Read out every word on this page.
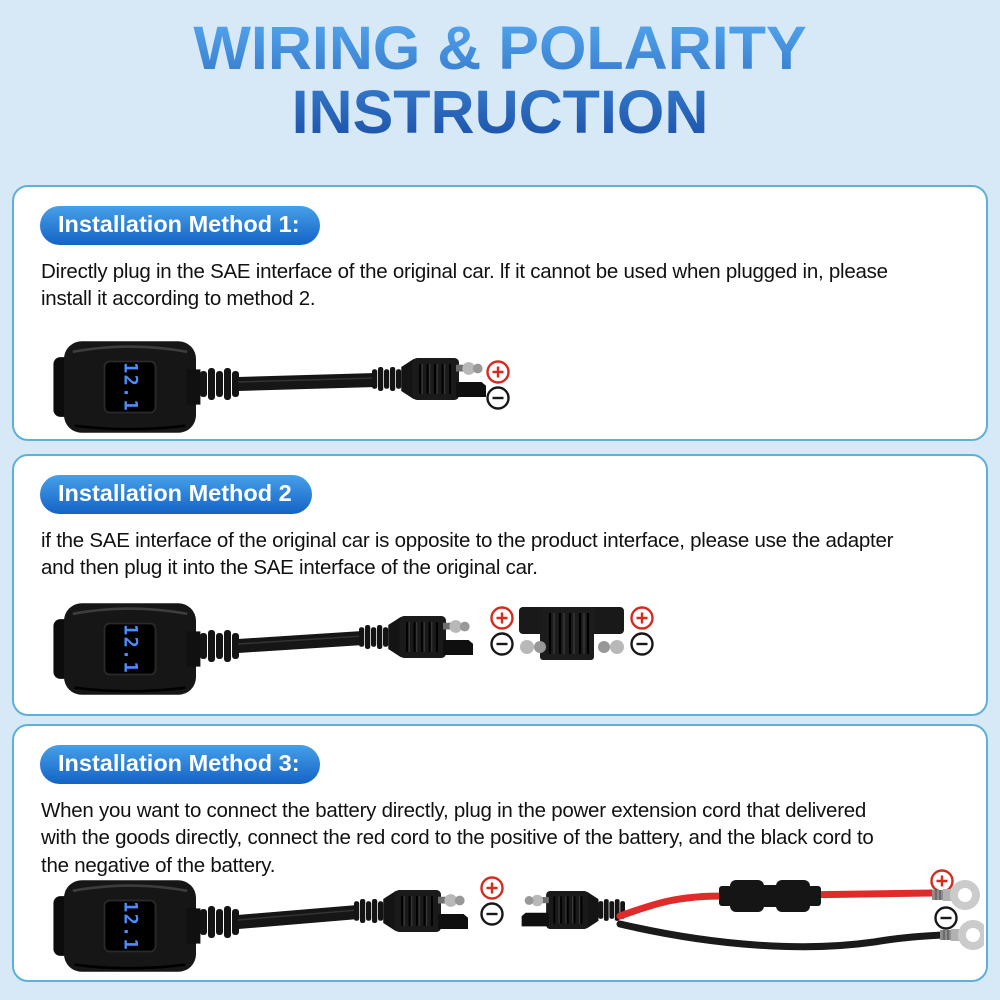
WIRING & POLARITY
INSTRUCTION
Installation Method 1:

Directly plug in the SAE interface of the original car. lf it cannot be used when plugged in, please install it according to method 2.

Installation Method 2

if the SAE interface of the original car is opposite to the product interface, please use the adapter and then plug it into the SAE interface of the original car.

Installation Method 3:

When you want to connect the battery directly, plug in the power extension cord that delivered with the goods directly, connect the red cord to the positive of the battery, and the black cord to the negative of the battery.
